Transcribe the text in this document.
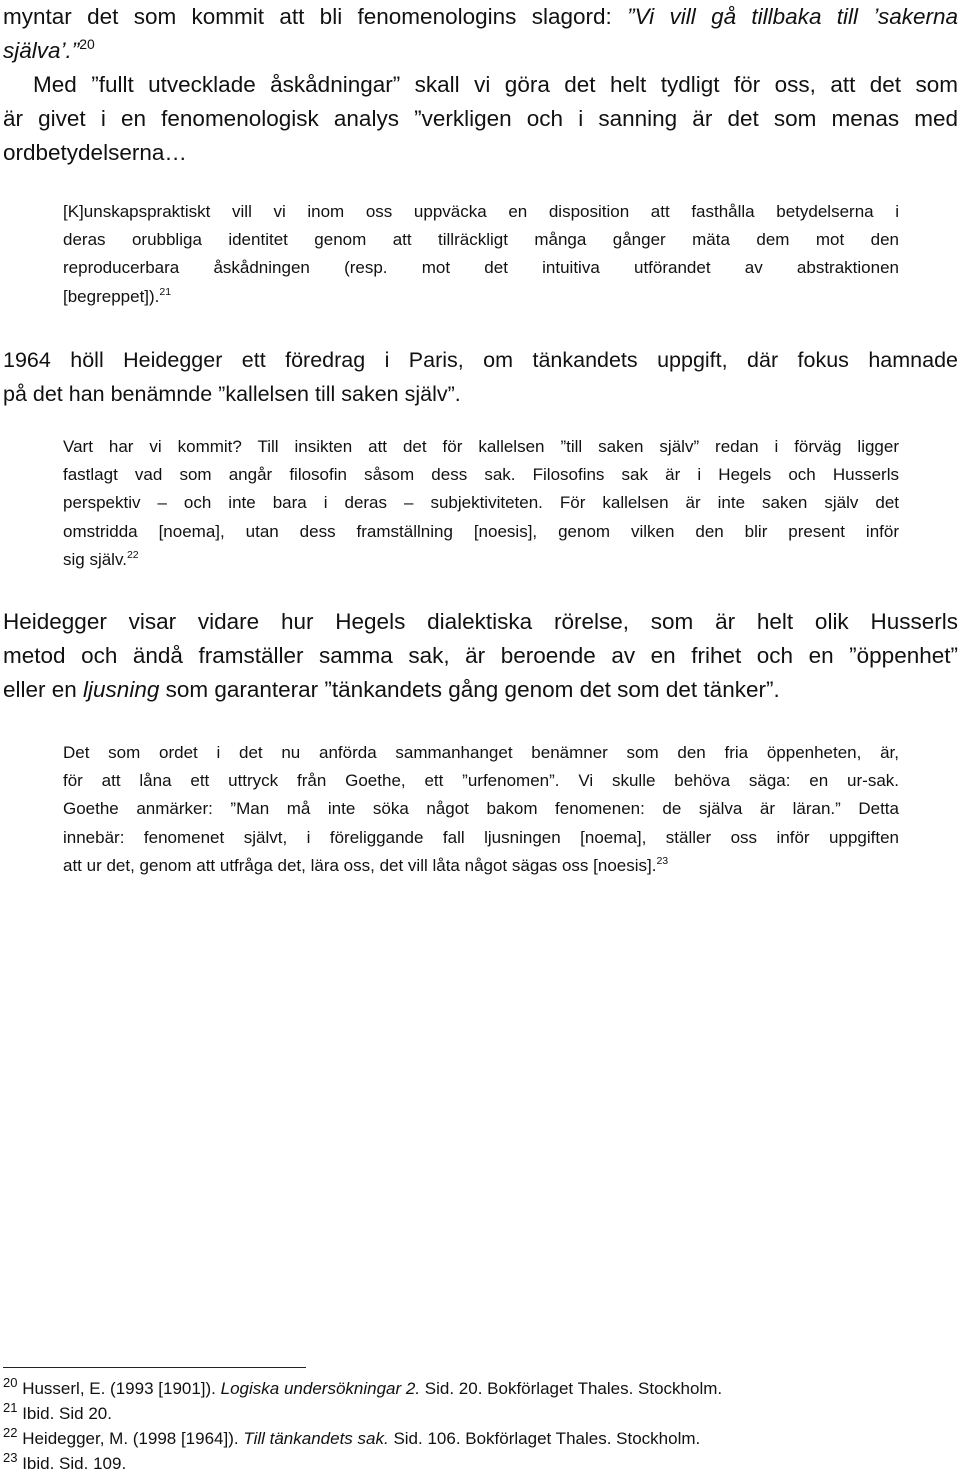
myntar det som kommit att bli fenomenologins slagord: ”Vi vill gå tillbaka till ’sakerna
själva’.”$^{20}$
Med ”fullt utvecklade åskådningar” skall vi göra det helt tydligt för oss, att det som
är givet i en fenomenologisk analys ”verkligen och i sanning är det som menas med
ordbetydelserna…
[K]unskapspraktiskt vill vi inom oss uppväcka en disposition att fasthålla betydelserna i
deras orubbliga identitet genom att tillräckligt många gånger mäta dem mot den
reproducerbara åskådningen (resp. mot det intuitiva utförandet av abstraktionen
[begreppet]).$^{21}$
1964 höll Heidegger ett föredrag i Paris, om tänkandets uppgift, där fokus hamnade
på det han benämnde ”kallelsen till saken själv”.
Vart har vi kommit? Till insikten att det för kallelsen ”till saken själv” redan i förväg ligger
fastlagt vad som angår filosofin såsom dess sak. Filosofins sak är i Hegels och Husserls
perspektiv – och inte bara i deras – subjektiviteten. För kallelsen är inte saken själv det
omstridda [noema], utan dess framställning [noesis], genom vilken den blir present inför
sig själv.$^{22}$
Heidegger visar vidare hur Hegels dialektiska rörelse, som är helt olik Husserls
metod och ändå framställer samma sak, är beroende av en frihet och en ”öppenhet”
eller en ljusning som garanterar ”tänkandets gång genom det som det tänker”.
Det som ordet i det nu anförda sammanhanget benämner som den fria öppenheten, är,
för att låna ett uttryck från Goethe, ett ”urfenomen”. Vi skulle behöva säga: en ur-sak.
Goethe anmärker: ”Man må inte söka något bakom fenomenen: de själva är läran.” Detta
innebär: fenomenet självt, i föreliggande fall ljusningen [noema], ställer oss inför uppgiften
att ur det, genom att utfråga det, lära oss, det vill låta något sägas oss [noesis].$^{23}$
$^{20}$ Husserl, E. (1993 [1901]). Logiska undersökningar 2. Sid. 20. Bokförlaget Thales. Stockholm.
$^{21}$ Ibid. Sid 20.
$^{22}$ Heidegger, M. (1998 [1964]). Till tänkandets sak. Sid. 106. Bokförlaget Thales. Stockholm.
$^{23}$ Ibid. Sid. 109.
